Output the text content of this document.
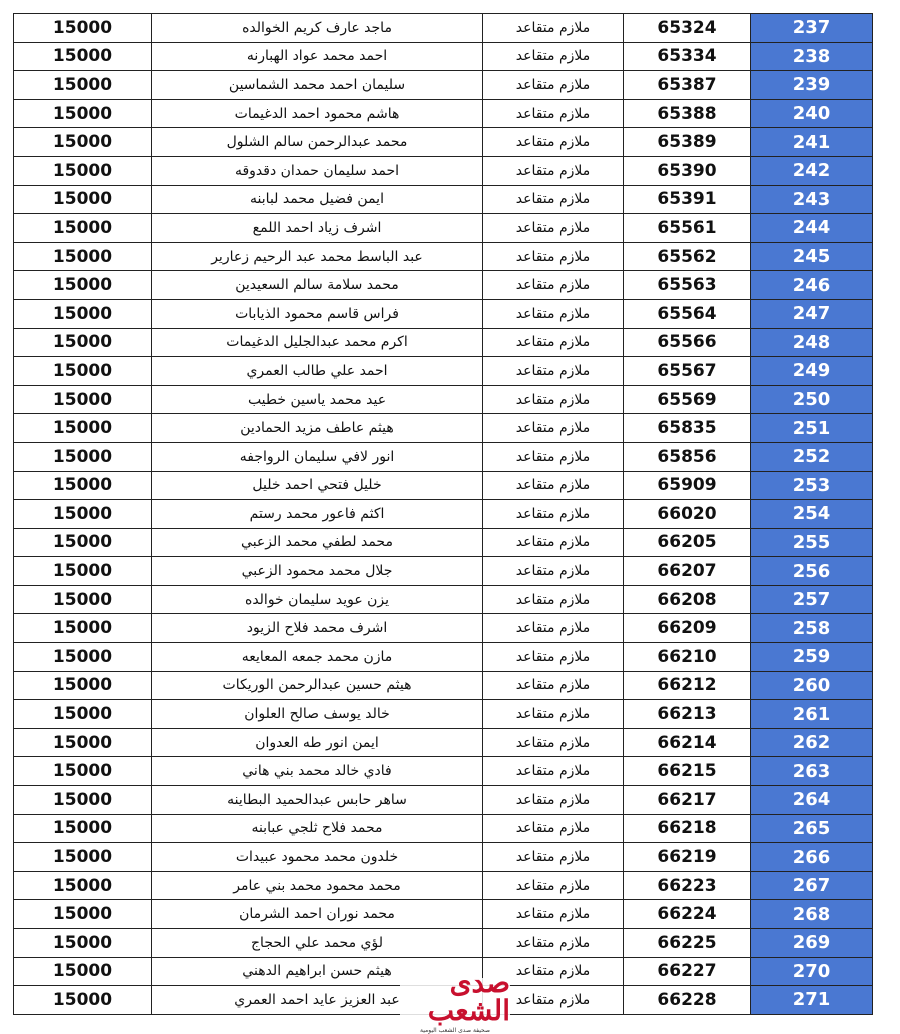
15000	ماجد عارف كريم الخوالده	ملازم متقاعد	65324	237
15000	احمد محمد عواد الهبارنه	ملازم متقاعد	65334	238
15000	سليمان احمد محمد الشماسين	ملازم متقاعد	65387	239
15000	هاشم محمود احمد الدغيمات	ملازم متقاعد	65388	240
15000	محمد عبدالرحمن سالم الشلول	ملازم متقاعد	65389	241
15000	احمد سليمان حمدان دقدوقه	ملازم متقاعد	65390	242
15000	ايمن فضيل محمد لبابنه	ملازم متقاعد	65391	243
15000	اشرف زياد احمد اللمع	ملازم متقاعد	65561	244
15000	عبد الباسط محمد عبد الرحيم زعارير	ملازم متقاعد	65562	245
15000	محمد سلامة سالم السعيدين	ملازم متقاعد	65563	246
15000	فراس قاسم محمود الذيابات	ملازم متقاعد	65564	247
15000	اكرم محمد عبدالجليل الدغيمات	ملازم متقاعد	65566	248
15000	احمد علي طالب العمري	ملازم متقاعد	65567	249
15000	عيد محمد ياسين خطيب	ملازم متقاعد	65569	250
15000	هيثم عاطف مزيد الحمادين	ملازم متقاعد	65835	251
15000	انور لافي سليمان الرواجفه	ملازم متقاعد	65856	252
15000	خليل فتحي احمد خليل	ملازم متقاعد	65909	253
15000	اكثم فاعور محمد رستم	ملازم متقاعد	66020	254
15000	محمد لطفي محمد الزعبي	ملازم متقاعد	66205	255
15000	جلال محمد محمود الزعبي	ملازم متقاعد	66207	256
15000	يزن عويد سليمان خوالده	ملازم متقاعد	66208	257
15000	اشرف محمد فلاح الزيود	ملازم متقاعد	66209	258
15000	مازن محمد جمعه المعايعه	ملازم متقاعد	66210	259
15000	هيثم حسين عبدالرحمن الوريكات	ملازم متقاعد	66212	260
15000	خالد يوسف صالح العلوان	ملازم متقاعد	66213	261
15000	ايمن انور طه العدوان	ملازم متقاعد	66214	262
15000	فادي خالد محمد بني هاني	ملازم متقاعد	66215	263
15000	ساهر حابس عبدالحميد البطاينه	ملازم متقاعد	66217	264
15000	محمد فلاح ثلجي عبابنه	ملازم متقاعد	66218	265
15000	خلدون محمد محمود عبيدات	ملازم متقاعد	66219	266
15000	محمد محمود محمد بني عامر	ملازم متقاعد	66223	267
15000	محمد نوران احمد الشرمان	ملازم متقاعد	66224	268
15000	لؤي محمد علي الحجاج	ملازم متقاعد	66225	269
15000	هيثم حسن ابراهيم الدهني	ملازم متقاعد	66227	270
15000	عبد العزيز عايد احمد العمري	ملازم متقاعد	66228	271
صدى الشعب
صحيفة صدى الشعب اليومية
